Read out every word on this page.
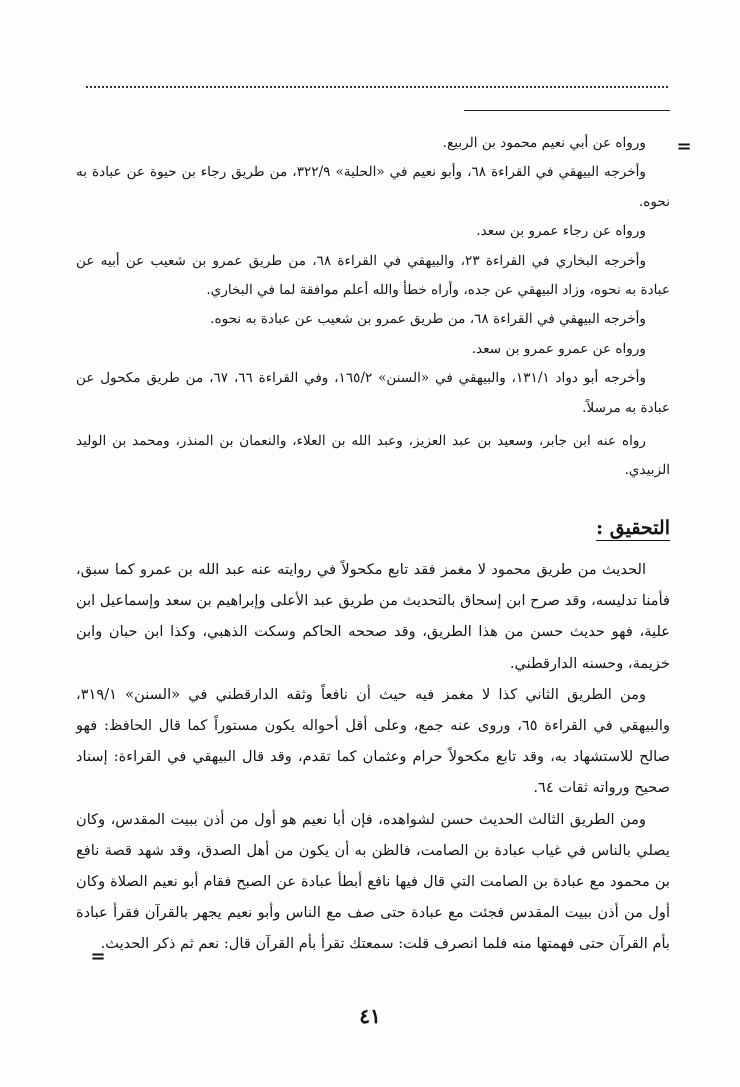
=

ورواه عن أبي نعيم محمود بن الربيع.

وأخرجه البيهقي في القراءة ٦٨، وأبو نعيم في «الحلية» ٣٢٢/٩، من طريق رجاء بن حيوة عن عبادة به نحوه.

ورواه عن رجاء عمرو بن سعد.

وأخرجه البخاري في القراءة ٢٣، والبيهقي في القراءة ٦٨، من طريق عمرو بن شعيب عن أبيه عن عبادة به نحوه، وزاد البيهقي عن جده، وأراه خطأ والله أعلم موافقة لما في البخاري.

وأخرجه البيهقي في القراءة ٦٨، من طريق عمرو بن شعيب عن عبادة به نحوه.

ورواه عن عمرو عمرو بن سعد.

وأخرجه أبو دواد ١٣١/١، والبيهقي في «السنن» ١٦٥/٢، وفي القراءة ٦٦، ٦٧، من طريق مكحول عن عبادة به مرسلاً.

رواه عنه ابن جابر، وسعيد بن عبد العزيز، وعبد الله بن العلاء، والنعمان بن المنذر، ومحمد بن الوليد الزبيدي.

التحقيق :

الحديث من طريق محمود لا مغمز فقد تابع مكحولاً في روايته عنه عبد الله بن عمرو كما سبق، فأمنا تدليسه، وقد صرح ابن إسحاق بالتحديث من طريق عبد الأعلى وإبراهيم بن سعد وإسماعيل ابن علية، فهو حديث حسن من هذا الطريق، وقد صححه الحاكم وسكت الذهبي، وكذا ابن حبان وابن خزيمة، وحسنه الدارقطني.

ومن الطريق الثاني كذا لا مغمز فيه حيث أن نافعاً وثقه الدارقطني في «السنن» ٣١٩/١، والبيهقي في القراءة ٦٥، وروى عنه جمع، وعلى أقل أحواله يكون مستوراً كما قال الحافظ: فهو صالح للاستشهاد به، وقد تابع مكحولاً حرام وعثمان كما تقدم، وقد قال البيهقي في القراءة: إسناد صحيح ورواته ثقات ٦٤.

ومن الطريق الثالث الحديث حسن لشواهده، فإن أبا نعيم هو أول من أذن ببيت المقدس، وكان يصلي بالناس في غياب عبادة بن الصامت، فالظن به أن يكون من أهل الصدق، وقد شهد قصة نافع بن محمود مع عبادة بن الصامت التي قال فيها نافع أبطأ عبادة عن الصبح فقام أبو نعيم الصلاة وكان أول من أذن ببيت المقدس فجئت مع عبادة حتى صف مع الناس وأبو نعيم يجهر بالقرآن فقرأ عبادة بأم القرآن حتى فهمتها منه فلما انصرف قلت: سمعتك تقرأ بأم القرآن قال: نعم ثم ذكر الحديث.

=
٤١
